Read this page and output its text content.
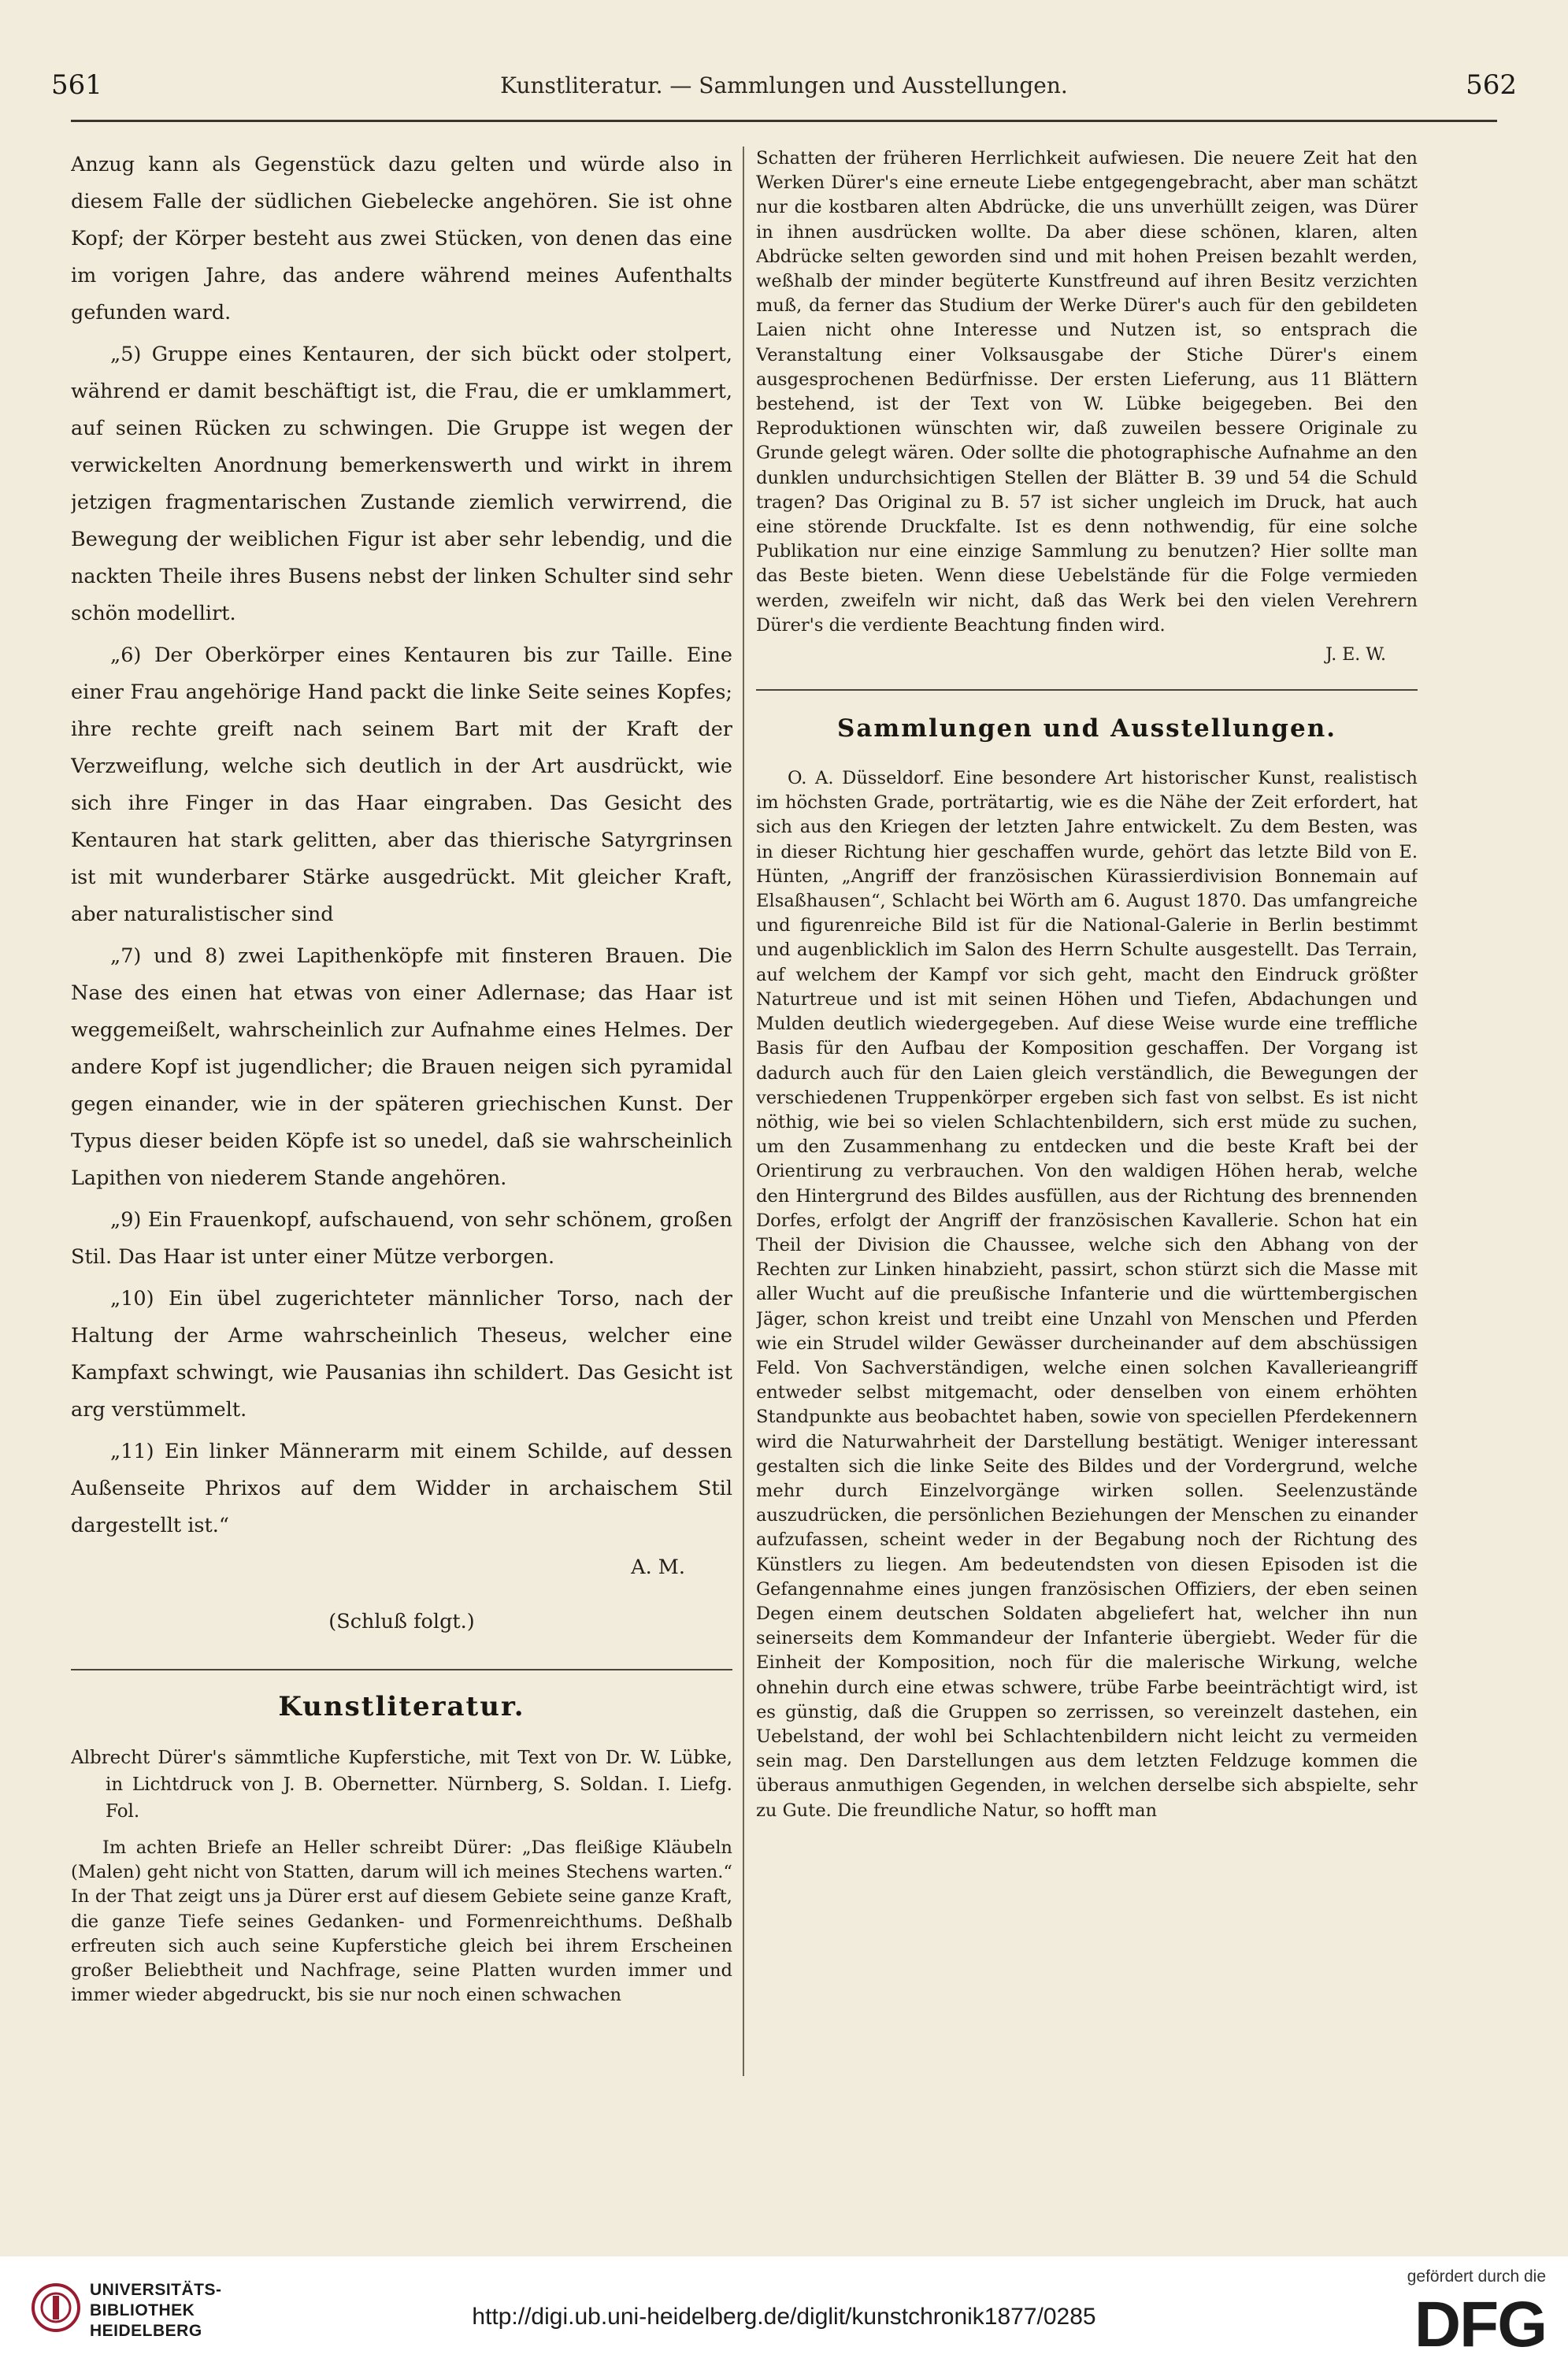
561	Kunstliteratur. — Sammlungen und Ausstellungen.	562

Anzug kann als Gegenstück dazu gelten und würde also in diesem Falle der südlichen Giebelecke angehören. Sie ist ohne Kopf; der Körper besteht aus zwei Stücken, von denen das eine im vorigen Jahre, das andere während meines Aufenthalts gefunden ward.

„5) Gruppe eines Kentauren, der sich bückt oder stolpert, während er damit beschäftigt ist, die Frau, die er umklammert, auf seinen Rücken zu schwingen. Die Gruppe ist wegen der verwickelten Anordnung bemerkenswerth und wirkt in ihrem jetzigen fragmentarischen Zustande ziemlich verwirrend, die Bewegung der weiblichen Figur ist aber sehr lebendig, und die nackten Theile ihres Busens nebst der linken Schulter sind sehr schön modellirt.

„6) Der Oberkörper eines Kentauren bis zur Taille. Eine einer Frau angehörige Hand packt die linke Seite seines Kopfes; ihre rechte greift nach seinem Bart mit der Kraft der Verzweiflung, welche sich deutlich in der Art ausdrückt, wie sich ihre Finger in das Haar eingraben. Das Gesicht des Kentauren hat stark gelitten, aber das thierische Satyrgrinsen ist mit wunderbarer Stärke ausgedrückt. Mit gleicher Kraft, aber naturalistischer sind

„7) und 8) zwei Lapithenköpfe mit finsteren Brauen. Die Nase des einen hat etwas von einer Adlernase; das Haar ist weggemeißelt, wahrscheinlich zur Aufnahme eines Helmes. Der andere Kopf ist jugendlicher; die Brauen neigen sich pyramidal gegen einander, wie in der späteren griechischen Kunst. Der Typus dieser beiden Köpfe ist so unedel, daß sie wahrscheinlich Lapithen von niederem Stande angehören.

„9) Ein Frauenkopf, aufschauend, von sehr schönem, großen Stil. Das Haar ist unter einer Mütze verborgen.

„10) Ein übel zugerichteter männlicher Torso, nach der Haltung der Arme wahrscheinlich Theseus, welcher eine Kampfaxt schwingt, wie Pausanias ihn schildert. Das Gesicht ist arg verstümmelt.

„11) Ein linker Männerarm mit einem Schilde, auf dessen Außenseite Phrixos auf dem Widder in archaischem Stil dargestellt ist.“

A. M.
(Schluß folgt.)
Kunstliteratur.
Albrecht Dürer's sämmtliche Kupferstiche, mit Text von Dr. W. Lübke, in Lichtdruck von J. B. Obernetter. Nürnberg, S. Soldan. I. Liefg. Fol.

Im achten Briefe an Heller schreibt Dürer: „Das fleißige Kläubeln (Malen) geht nicht von Statten, darum will ich meines Stechens warten.“ In der That zeigt uns ja Dürer erst auf diesem Gebiete seine ganze Kraft, die ganze Tiefe seines Gedanken- und Formenreichthums. Deßhalb erfreuten sich auch seine Kupferstiche gleich bei ihrem Erscheinen großer Beliebtheit und Nachfrage, seine Platten wurden immer und immer wieder abgedruckt, bis sie nur noch einen schwachen

Schatten der früheren Herrlichkeit aufwiesen. Die neuere Zeit hat den Werken Dürer's eine erneute Liebe entgegengebracht, aber man schätzt nur die kostbaren alten Abdrücke, die uns unverhüllt zeigen, was Dürer in ihnen ausdrücken wollte. Da aber diese schönen, klaren, alten Abdrücke selten geworden sind und mit hohen Preisen bezahlt werden, weßhalb der minder begüterte Kunstfreund auf ihren Besitz verzichten muß, da ferner das Studium der Werke Dürer's auch für den gebildeten Laien nicht ohne Interesse und Nutzen ist, so entsprach die Veranstaltung einer Volksausgabe der Stiche Dürer's einem ausgesprochenen Bedürfnisse. Der ersten Lieferung, aus 11 Blättern bestehend, ist der Text von W. Lübke beigegeben. Bei den Reproduktionen wünschten wir, daß zuweilen bessere Originale zu Grunde gelegt wären. Oder sollte die photographische Aufnahme an den dunklen undurchsichtigen Stellen der Blätter B. 39 und 54 die Schuld tragen? Das Original zu B. 57 ist sicher ungleich im Druck, hat auch eine störende Druckfalte. Ist es denn nothwendig, für eine solche Publikation nur eine einzige Sammlung zu benutzen? Hier sollte man das Beste bieten. Wenn diese Uebelstände für die Folge vermieden werden, zweifeln wir nicht, daß das Werk bei den vielen Verehrern Dürer's die verdiente Beachtung finden wird.

J. E. W.
Sammlungen und Ausstellungen.

O. A. Düsseldorf. Eine besondere Art historischer Kunst, realistisch im höchsten Grade, porträtartig, wie es die Nähe der Zeit erfordert, hat sich aus den Kriegen der letzten Jahre entwickelt. Zu dem Besten, was in dieser Richtung hier geschaffen wurde, gehört das letzte Bild von E. Hünten, „Angriff der französischen Kürassierdivision Bonnemain auf Elsaßhausen“, Schlacht bei Wörth am 6. August 1870. Das umfangreiche und figurenreiche Bild ist für die National-Galerie in Berlin bestimmt und augenblicklich im Salon des Herrn Schulte ausgestellt. Das Terrain, auf welchem der Kampf vor sich geht, macht den Eindruck größter Naturtreue und ist mit seinen Höhen und Tiefen, Abdachungen und Mulden deutlich wiedergegeben. Auf diese Weise wurde eine treffliche Basis für den Aufbau der Komposition geschaffen. Der Vorgang ist dadurch auch für den Laien gleich verständlich, die Bewegungen der verschiedenen Truppenkörper ergeben sich fast von selbst. Es ist nicht nöthig, wie bei so vielen Schlachtenbildern, sich erst müde zu suchen, um den Zusammenhang zu entdecken und die beste Kraft bei der Orientirung zu verbrauchen. Von den waldigen Höhen herab, welche den Hintergrund des Bildes ausfüllen, aus der Richtung des brennenden Dorfes, erfolgt der Angriff der französischen Kavallerie. Schon hat ein Theil der Division die Chaussee, welche sich den Abhang von der Rechten zur Linken hinabzieht, passirt, schon stürzt sich die Masse mit aller Wucht auf die preußische Infanterie und die württembergischen Jäger, schon kreist und treibt eine Unzahl von Menschen und Pferden wie ein Strudel wilder Gewässer durcheinander auf dem abschüssigen Feld. Von Sachverständigen, welche einen solchen Kavallerieangriff entweder selbst mitgemacht, oder denselben von einem erhöhten Standpunkte aus beobachtet haben, sowie von speciellen Pferdekennern wird die Naturwahrheit der Darstellung bestätigt. Weniger interessant gestalten sich die linke Seite des Bildes und der Vordergrund, welche mehr durch Einzelvorgänge wirken sollen. Seelenzustände auszudrücken, die persönlichen Beziehungen der Menschen zu einander aufzufassen, scheint weder in der Begabung noch der Richtung des Künstlers zu liegen. Am bedeutendsten von diesen Episoden ist die Gefangennahme eines jungen französischen Offiziers, der eben seinen Degen einem deutschen Soldaten abgeliefert hat, welcher ihn nun seinerseits dem Kommandeur der Infanterie übergiebt. Weder für die Einheit der Komposition, noch für die malerische Wirkung, welche ohnehin durch eine etwas schwere, trübe Farbe beeinträchtigt wird, ist es günstig, daß die Gruppen so zerrissen, so vereinzelt dastehen, ein Uebelstand, der wohl bei Schlachtenbildern nicht leicht zu vermeiden sein mag. Den Darstellungen aus dem letzten Feldzuge kommen die überaus anmuthigen Gegenden, in welchen derselbe sich abspielte, sehr zu Gute. Die freundliche Natur, so hofft man

UNIVERSITÄTS- BIBLIOTHEK HEIDELBERG
http://digi.ub.uni-heidelberg.de/diglit/kunstchronik1877/0285
gefördert durch die
DFG
